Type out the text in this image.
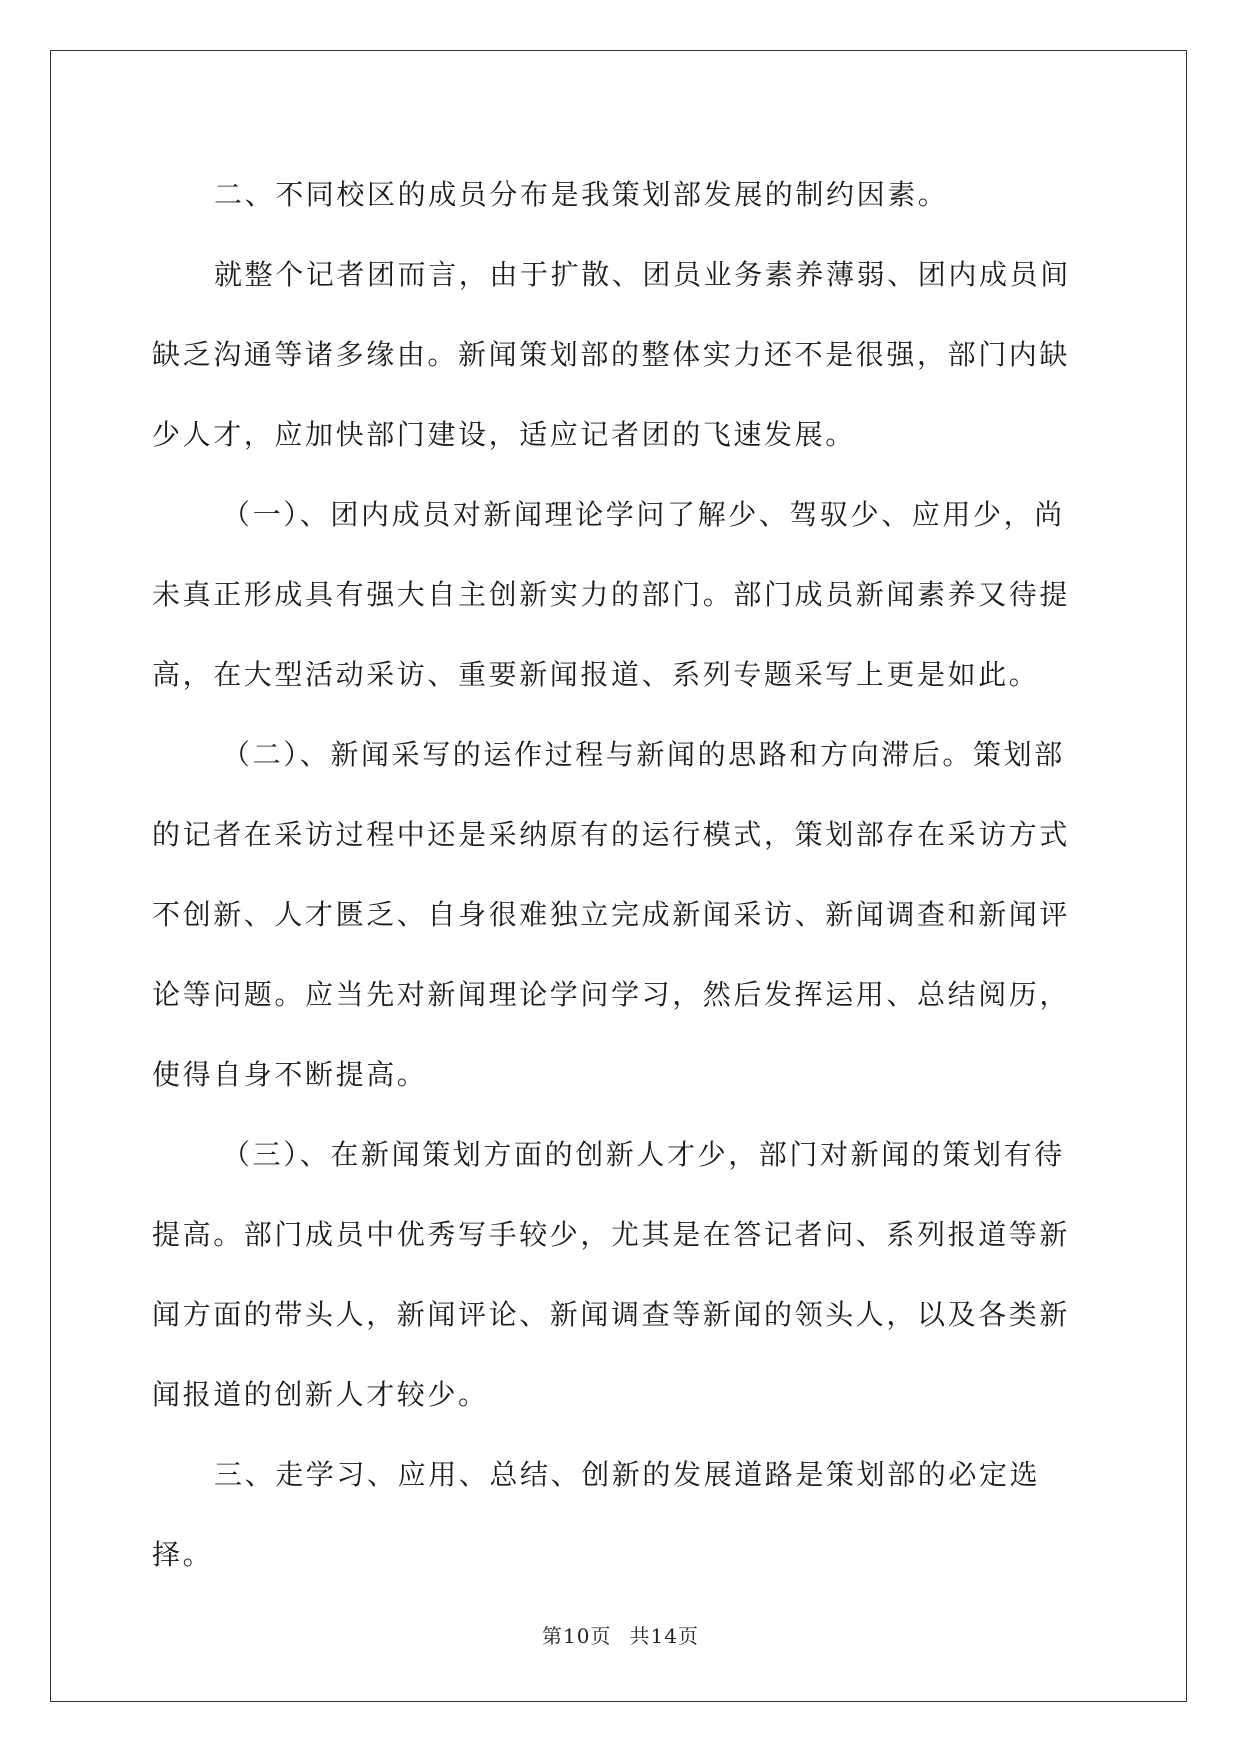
二、不同校区的成员分布是我策划部发展的制约因素。

就整个记者团而言，由于扩散、团员业务素养薄弱、团内成员间缺乏沟通等诸多缘由。新闻策划部的整体实力还不是很强，部门内缺少人才，应加快部门建设，适应记者团的飞速发展。

（一）、团内成员对新闻理论学问了解少、驾驭少、应用少，尚未真正形成具有强大自主创新实力的部门。部门成员新闻素养又待提高，在大型活动采访、重要新闻报道、系列专题采写上更是如此。

（二）、新闻采写的运作过程与新闻的思路和方向滞后。策划部的记者在采访过程中还是采纳原有的运行模式，策划部存在采访方式不创新、人才匮乏、自身很难独立完成新闻采访、新闻调查和新闻评论等问题。应当先对新闻理论学问学习，然后发挥运用、总结阅历，使得自身不断提高。

（三）、在新闻策划方面的创新人才少，部门对新闻的策划有待提高。部门成员中优秀写手较少，尤其是在答记者问、系列报道等新闻方面的带头人，新闻评论、新闻调查等新闻的领头人，以及各类新闻报道的创新人才较少。

三、走学习、应用、总结、创新的发展道路是策划部的必定选择。

第10页 共14页
